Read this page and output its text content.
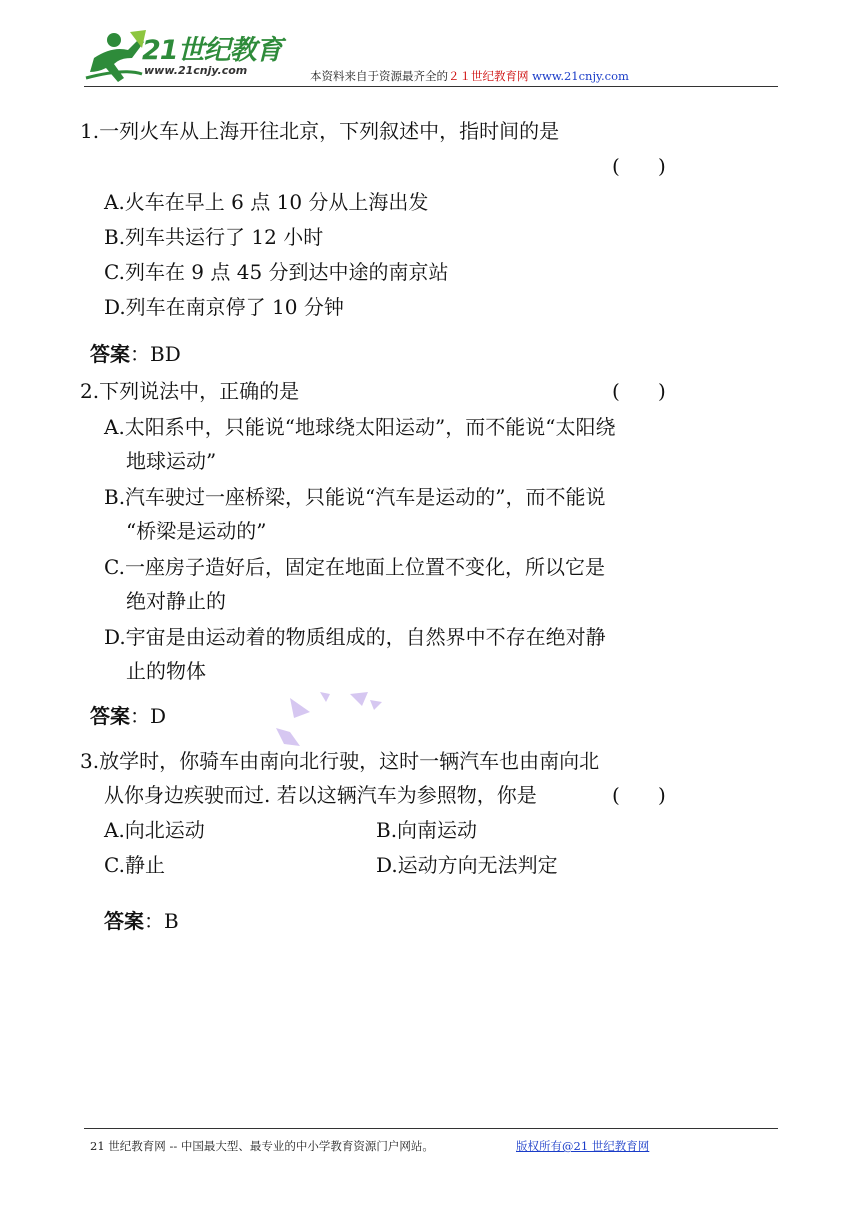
21世纪教育
www.21cnjy.com	本资料来自于资源最齐全的２１世纪教育网 www.21cnjy.com
1.一列火车从上海开往北京，下列叙述中，指时间的是
(      )
A.火车在早上 6 点 10 分从上海出发
B.列车共运行了 12 小时
C.列车在 9 点 45 分到达中途的南京站
D.列车在南京停了 10 分钟
答案：BD
2.下列说法中，正确的是	(      )
A.太阳系中，只能说“地球绕太阳运动”，而不能说“太阳绕
地球运动”
B.汽车驶过一座桥梁，只能说“汽车是运动的”，而不能说
“桥梁是运动的”
C.一座房子造好后，固定在地面上位置不变化，所以它是
绝对静止的
D.宇宙是由运动着的物质组成的，自然界中不存在绝对静
止的物体
答案：D
3.放学时，你骑车由南向北行驶，这时一辆汽车也由南向北
从你身边疾驶而过. 若以这辆汽车为参照物，你是	(      )
A.向北运动	B.向南运动
C.静止	D.运动方向无法判定
答案：B
21 世纪教育网 -- 中国最大型、最专业的中小学教育资源门户网站。	版权所有@21 世纪教育网
